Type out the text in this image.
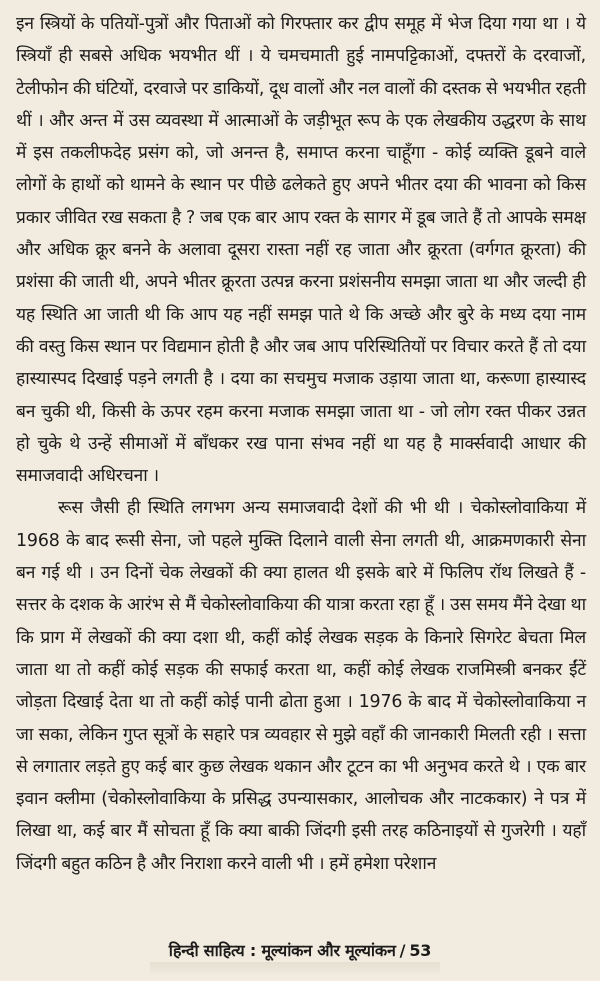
इन स्त्रियों के पतियों-पुत्रों और पिताओं को गिरफ्तार कर द्वीप समूह में भेज दिया गया था । ये स्त्रियाँ ही सबसे अधिक भयभीत थीं । ये चमचमाती हुई नामपट्टिकाओं, दफ्तरों के दरवाजों, टेलीफोन की घंटियों, दरवाजे पर डाकियों, दूध वालों और नल वालों की दस्तक से भयभीत रहती थीं । और अन्त में उस व्यवस्था में आत्माओं के जड़ीभूत रूप के एक लेखकीय उद्धरण के साथ में इस तकलीफदेह प्रसंग को, जो अनन्त है, समाप्त करना चाहूँगा - कोई व्यक्ति डूबने वाले लोगों के हाथों को थामने के स्थान पर पीछे ढलेकते हुए अपने भीतर दया की भावना को किस प्रकार जीवित रख सकता है ? जब एक बार आप रक्त के सागर में डूब जाते हैं तो आपके समक्ष और अधिक क्रूर बनने के अलावा दूसरा रास्ता नहीं रह जाता और क्रूरता (वर्गगत क्रूरता) की प्रशंसा की जाती थी, अपने भीतर क्रूरता उत्पन्न करना प्रशंसनीय समझा जाता था और जल्दी ही यह स्थिति आ जाती थी कि आप यह नहीं समझ पाते थे कि अच्छे और बुरे के मध्य दया नाम की वस्तु किस स्थान पर विद्यमान होती है और जब आप परिस्थितियों पर विचार करते हैं तो दया हास्यास्पद दिखाई पड़ने लगती है । दया का सचमुच मजाक उड़ाया जाता था, करूणा हास्यास्द बन चुकी थी, किसी के ऊपर रहम करना मजाक समझा जाता था - जो लोग रक्त पीकर उन्नत हो चुके थे उन्हें सीमाओं में बाँधकर रख पाना संभव नहीं था यह है मार्क्सवादी आधार की समाजवादी अधिरचना ।

रूस जैसी ही स्थिति लगभग अन्य समाजवादी देशों की भी थी । चेकोस्लोवाकिया में 1968 के बाद रूसी सेना, जो पहले मुक्ति दिलाने वाली सेना लगती थी, आक्रमणकारी सेना बन गई थी । उन दिनों चेक लेखकों की क्या हालत थी इसके बारे में फिलिप रॉथ लिखते हैं - सत्तर के दशक के आरंभ से मैं चेकोस्लोवाकिया की यात्रा करता रहा हूँ । उस समय मैंने देखा था कि प्राग में लेखकों की क्या दशा थी, कहीं कोई लेखक सड़क के किनारे सिगरेट बेचता मिल जाता था तो कहीं कोई सड़क की सफाई करता था, कहीं कोई लेखक राजमिस्त्री बनकर ईंटें जोड़ता दिखाई देता था तो कहीं कोई पानी ढोता हुआ । 1976 के बाद में चेकोस्लोवाकिया न जा सका, लेकिन गुप्त सूत्रों के सहारे पत्र व्यवहार से मुझे वहाँ की जानकारी मिलती रही । सत्ता से लगातार लड़ते हुए कई बार कुछ लेखक थकान और टूटन का भी अनुभव करते थे । एक बार इवान क्लीमा (चेकोस्लोवाकिया के प्रसिद्ध उपन्यासकार, आलोचक और नाटककार) ने पत्र में लिखा था, कई बार मैं सोचता हूँ कि क्या बाकी जिंदगी इसी तरह कठिनाइयों से गुजरेगी । यहाँ जिंदगी बहुत कठिन है और निराशा करने वाली भी । हमें हमेशा परेशान

हिन्दी साहित्य : मूल्यांकन और मूल्यांकन / 53
